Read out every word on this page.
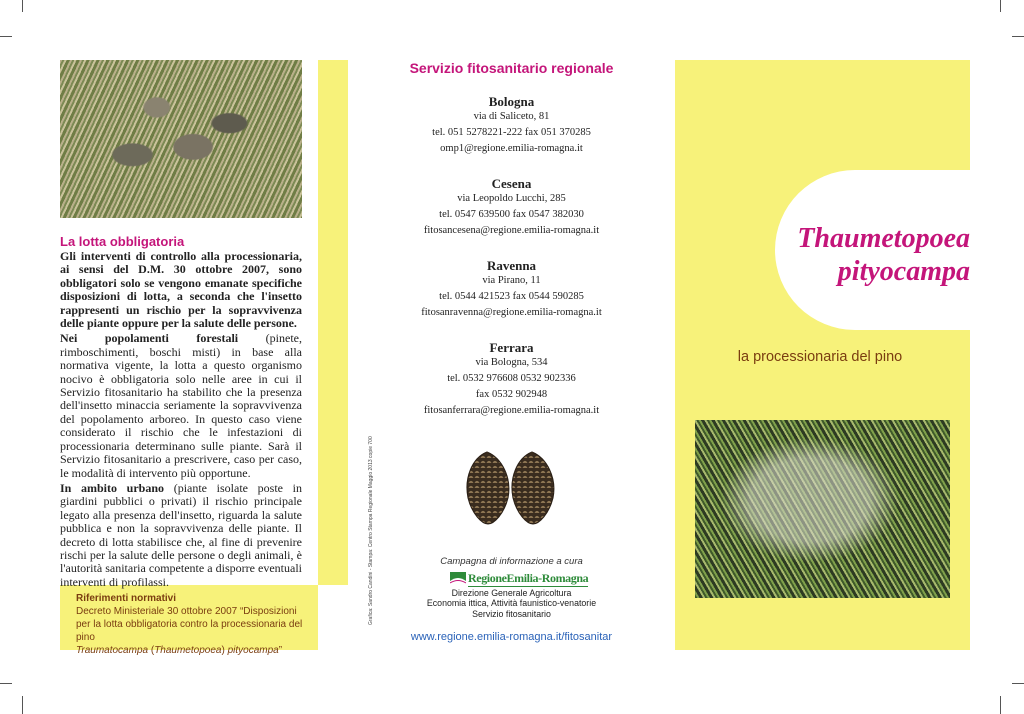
La lotta obbligatoria

Gli interventi di controllo alla processionaria, ai sensi del D.M. 30 ottobre 2007, sono obbligatori solo se vengono emanate specifiche disposizioni di lotta, a seconda che l'insetto rappresenti un rischio per la sopravvivenza delle piante oppure per la salute delle persone.

Nei popolamenti forestali (pinete, rimboschimenti, boschi misti) in base alla normativa vigente, la lotta a questo organismo nocivo è obbligatoria solo nelle aree in cui il Servizio fitosanitario ha stabilito che la presenza dell'insetto minaccia seriamente la sopravvivenza del popolamento arboreo. In questo caso viene considerato il rischio che le infestazioni di processionaria determinano sulle piante. Sarà il Servizio fitosanitario a prescrivere, caso per caso, le modalità di intervento più opportune.

In ambito urbano (piante isolate poste in giardini pubblici o privati) il rischio principale legato alla presenza dell'insetto, riguarda la salute pubblica e non la sopravvivenza delle piante. Il decreto di lotta stabilisce che, al fine di prevenire rischi per la salute delle persone o degli animali, è l'autorità sanitaria competente a disporre eventuali interventi di profilassi.

Riferimenti normativi
Decreto Ministeriale 30 ottobre 2007 “Disposizioni per la lotta obbligatoria contro la processionaria del pino
Traumatocampa (Thaumetopoea) pityocampa”
Grafica: Sandro Candini - Stampa: Centro Stampa Regionale Maggio 2013 copie 700
Servizio fitosanitario regionale
Bologna
via di Saliceto, 81
tel. 051 5278221-222 fax 051 370285
omp1@regione.emilia-romagna.it
Cesena
via Leopoldo Lucchi, 285
tel. 0547 639500 fax 0547 382030
fitosancesena@regione.emilia-romagna.it
Ravenna
via Pirano, 11
tel. 0544 421523 fax 0544 590285
fitosanravenna@regione.emilia-romagna.it
Ferrara
via Bologna, 534
tel. 0532 976608 0532 902336
fax 0532 902948
fitosanferrara@regione.emilia-romagna.it
Campagna di informazione a cura
RegioneEmilia-Romagna
Direzione Generale Agricoltura
Economia ittica, Attività faunistico-venatorie
Servizio fitosanitario
www.regione.emilia-romagna.it/fitosanitar
Thaumetopoea
pityocampa
la processionaria del pino
